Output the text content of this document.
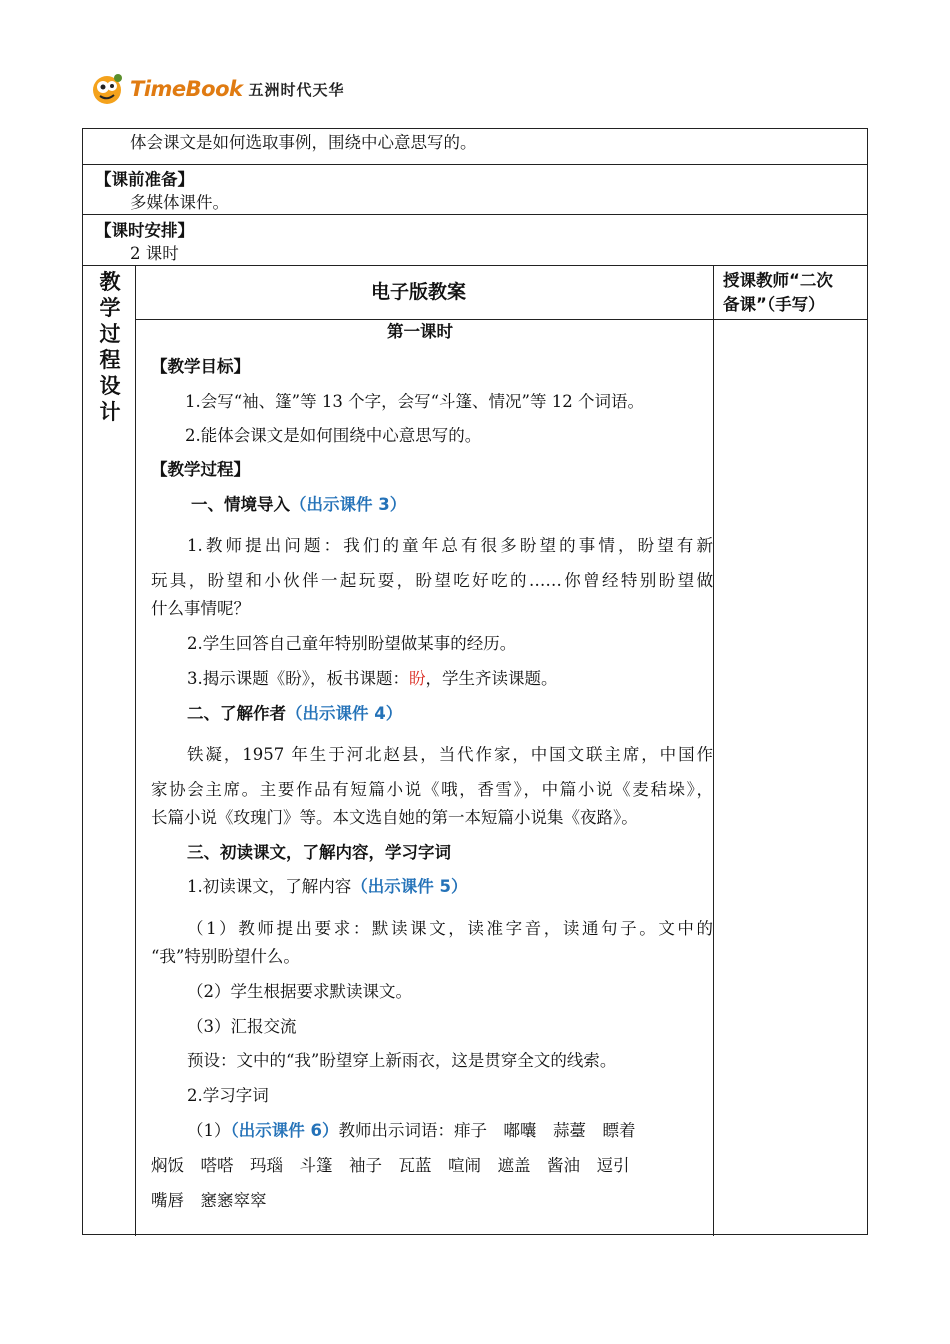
TimeBook 五洲时代天华
体会课文是如何选取事例，围绕中心意思写的。
【课前准备】
多媒体课件。
【课时安排】
2 课时
教
学
过
程
设
计
电子版教案
授课教师“二次
备课”（手写）
第一课时
【教学目标】
1.会写“袖、篷”等 13 个字，会写“斗篷、情况”等 12 个词语。
2.能体会课文是如何围绕中心意思写的。
【教学过程】
一、情境导入（出示课件 3）
1.教师提出问题：我们的童年总有很多盼望的事情，盼望有新
玩具，盼望和小伙伴一起玩耍，盼望吃好吃的……你曾经特别盼望做
什么事情呢？
2.学生回答自己童年特别盼望做某事的经历。
3.揭示课题《盼》，板书课题：盼，学生齐读课题。
二、了解作者（出示课件 4）
铁凝，1957 年生于河北赵县，当代作家，中国文联主席，中国作
家协会主席。主要作品有短篇小说《哦，香雪》，中篇小说《麦秸垛》，
长篇小说《玫瑰门》等。本文选自她的第一本短篇小说集《夜路》。
三、初读课文，了解内容，学习字词
1.初读课文，了解内容（出示课件 5）
（1）教师提出要求：默读课文，读准字音，读通句子。文中的
“我”特别盼望什么。
（2）学生根据要求默读课文。
（3）汇报交流
预设：文中的“我”盼望穿上新雨衣，这是贯穿全文的线索。
2.学习字词
（1）（出示课件 6）教师出示词语：痱子　嘟囔　蒜薹　瞟着
焖饭　嗒嗒　玛瑙　斗篷　袖子　瓦蓝　喧闹　遮盖　酱油　逗引
嘴唇　窸窸窣窣
